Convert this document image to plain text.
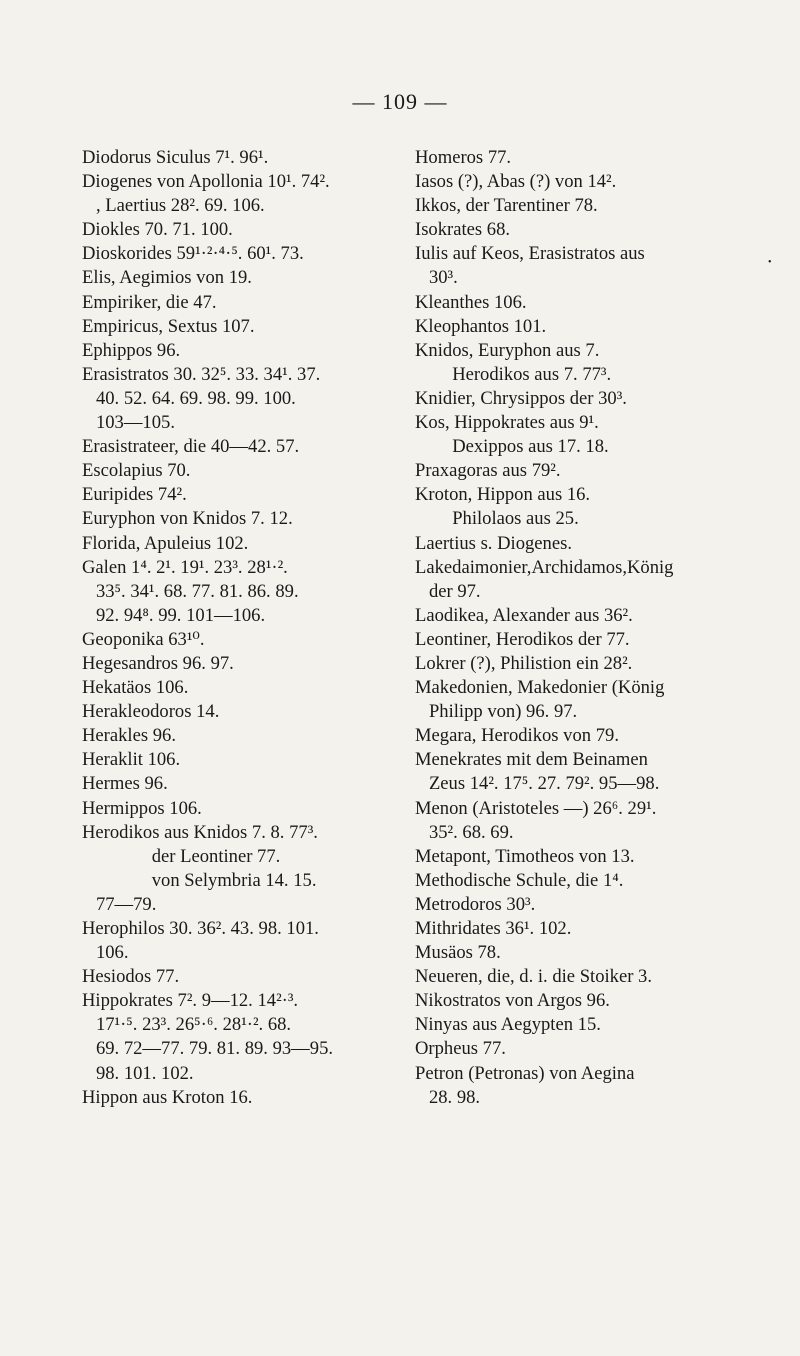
— 109 —
Diodorus Siculus 7¹. 96¹.
Diogenes von Apollonia 10¹. 74².
, Laertius 28². 69. 106.
Diokles 70. 71. 100.
Dioskorides 59¹·²·⁴·⁵. 60¹. 73.
Elis, Aegimios von 19.
Empiriker, die 47.
Empiricus, Sextus 107.
Ephippos 96.
Erasistratos 30. 32⁵. 33. 34¹. 37.
40. 52. 64. 69. 98. 99. 100.
103—105.
Erasistrateer, die 40—42. 57.
Escolapius 70.
Euripides 74².
Euryphon von Knidos 7. 12.
Florida, Apuleius 102.
Galen 1⁴. 2¹. 19¹. 23³. 28¹·².
33⁵. 34¹. 68. 77. 81. 86. 89.
92. 94⁸. 99. 101—106.
Geoponika 63¹⁰.
Hegesandros 96. 97.
Hekatäos 106.
Herakleodoros 14.
Herakles 96.
Heraklit 106.
Hermes 96.
Hermippos 106.
Herodikos aus Knidos 7. 8. 77³.
der Leontiner 77.
von Selymbria 14. 15.
77—79.
Herophilos 30. 36². 43. 98. 101.
106.
Hesiodos 77.
Hippokrates 7². 9—12. 14²·³.
17¹·⁵. 23³. 26⁵·⁶. 28¹·². 68.
69. 72—77. 79. 81. 89. 93—95.
98. 101. 102.
Hippon aus Kroton 16.
Homeros 77.
Iasos (?), Abas (?) von 14².
Ikkos, der Tarentiner 78.
Isokrates 68.
Iulis auf Keos, Erasistratos aus
30³.
Kleanthes 106.
Kleophantos 101.
Knidos, Euryphon aus 7.
Herodikos aus 7. 77³.
Knidier, Chrysippos der 30³.
Kos, Hippokrates aus 9¹.
Dexippos aus 17. 18.
Praxagoras aus 79².
Kroton, Hippon aus 16.
Philolaos aus 25.
Laertius s. Diogenes.
Lakedaimonier,Archidamos,König
der 97.
Laodikea, Alexander aus 36².
Leontiner, Herodikos der 77.
Lokrer (?), Philistion ein 28².
Makedonien, Makedonier (König
Philipp von) 96. 97.
Megara, Herodikos von 79.
Menekrates mit dem Beinamen
Zeus 14². 17⁵. 27. 79². 95—98.
Menon (Aristoteles —) 26⁶. 29¹.
35². 68. 69.
Metapont, Timotheos von 13.
Methodische Schule, die 1⁴.
Metrodoros 30³.
Mithridates 36¹. 102.
Musäos 78.
Neueren, die, d. i. die Stoiker 3.
Nikostratos von Argos 96.
Ninyas aus Aegypten 15.
Orpheus 77.
Petron (Petronas) von Aegina
28. 98.
•
